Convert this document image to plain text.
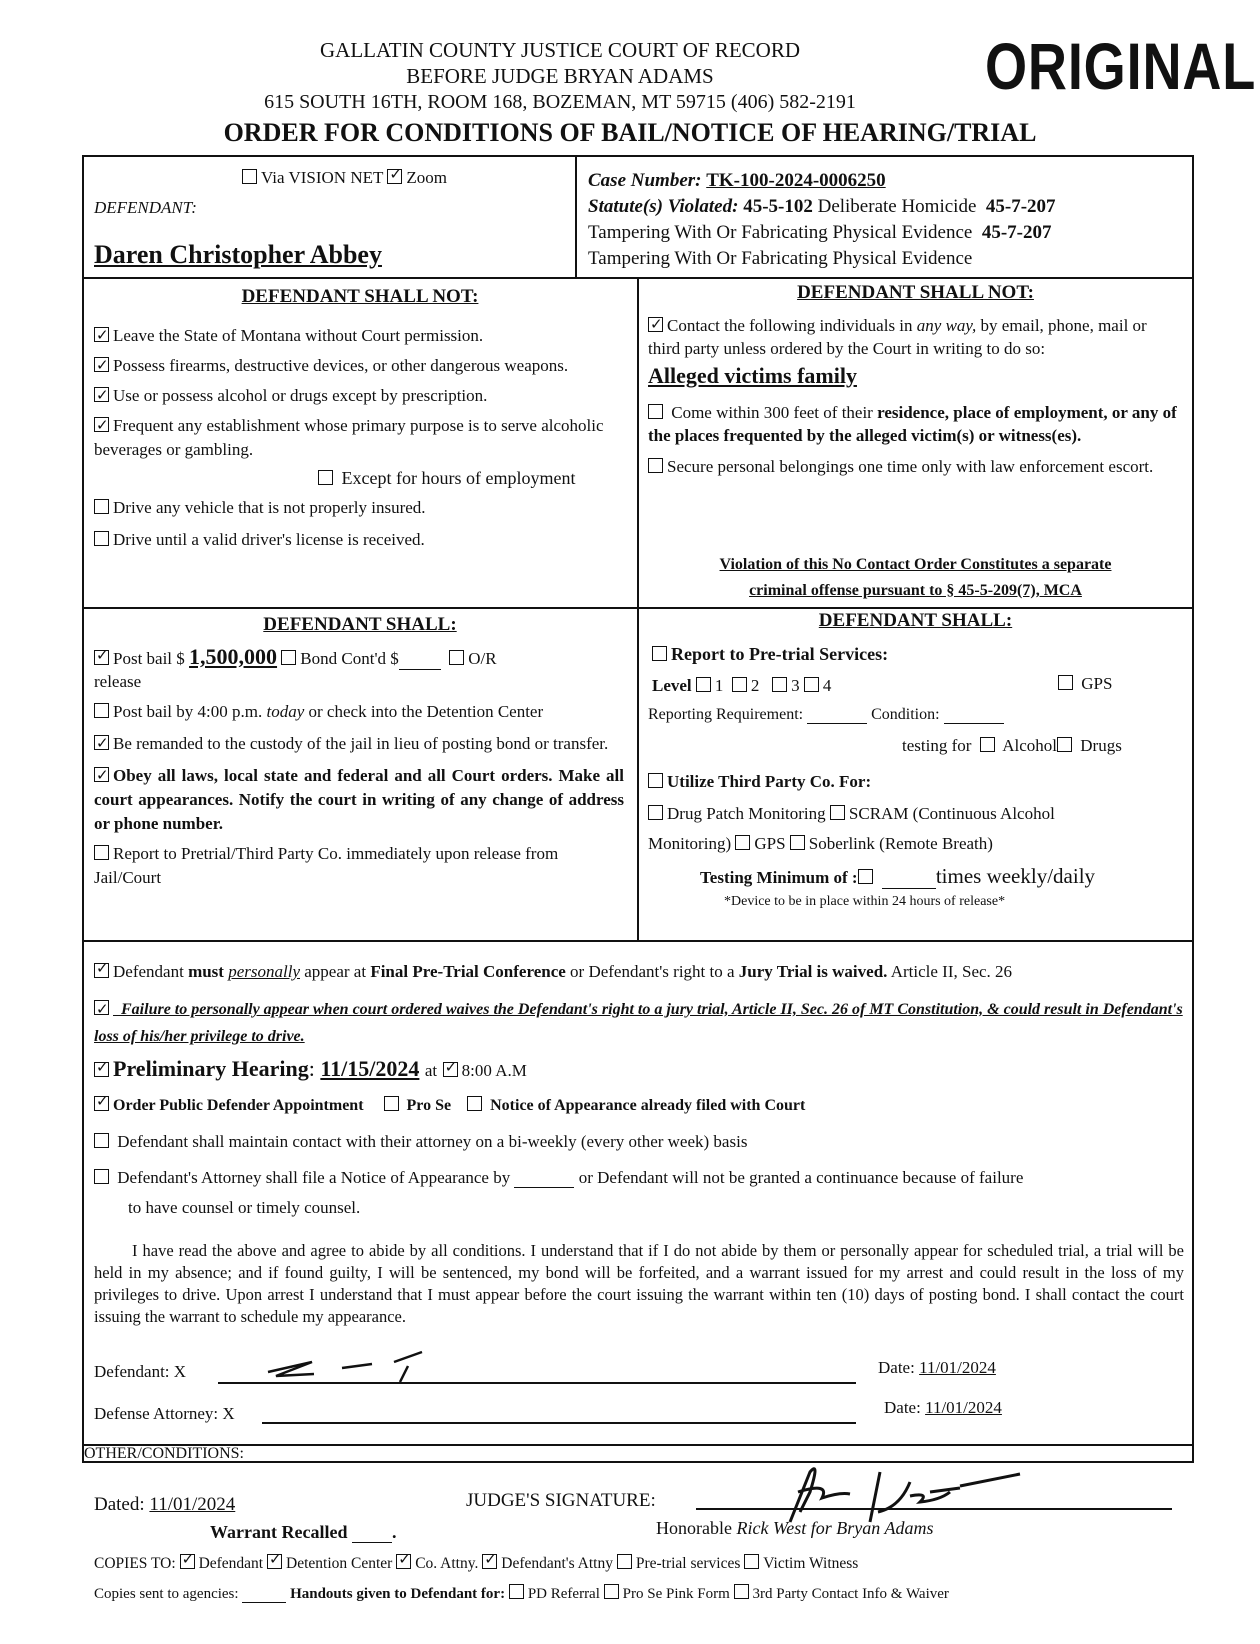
GALLATIN COUNTY JUSTICE COURT OF RECORD
BEFORE JUDGE BRYAN ADAMS
615 SOUTH 16TH, ROOM 168, BOZEMAN, MT 59715 (406) 582-2191	ORIGINAL
ORDER FOR CONDITIONS OF BAIL/NOTICE OF HEARING/TRIAL
Via VISION NET ✓ Zoom
DEFENDANT:
Daren Christopher Abbey
Case Number: TK-100-2024-0006250
Statute(s) Violated: 45-5-102 Deliberate Homicide 45-7-207
Tampering With Or Fabricating Physical Evidence 45-7-207
Tampering With Or Fabricating Physical Evidence
DEFENDANT SHALL NOT:
✓Leave the State of Montana without Court permission.
✓Possess firearms, destructive devices, or other dangerous weapons.
✓Use or possess alcohol or drugs except by prescription.
✓Frequent any establishment whose primary purpose is to serve alcoholic beverages or gambling.
Except for hours of employment
Drive any vehicle that is not properly insured.
Drive until a valid driver's license is received.
DEFENDANT SHALL NOT:
✓Contact the following individuals in any way, by email, phone, mail or third party unless ordered by the Court in writing to do so:
Alleged victims family
Come within 300 feet of their residence, place of employment, or any of the places frequented by the alleged victim(s) or witness(es).
Secure personal belongings one time only with law enforcement escort.
Violation of this No Contact Order Constitutes a separate
criminal offense pursuant to § 45-5-209(7), MCA
DEFENDANT SHALL:
✓Post bail $ 1,500,000 Bond Cont'd $	O/R
release
Post bail by 4:00 p.m. today or check into the Detention Center
✓Be remanded to the custody of the jail in lieu of posting bond or transfer.
✓Obey all laws, local state and federal and all Court orders. Make all court appearances. Notify the court in writing of any change of address or phone number.
Report to Pretrial/Third Party Co. immediately upon release from Jail/Court
DEFENDANT SHALL:
Report to Pre-trial Services:
Level 1 2 3 4	GPS
Reporting Requirement:	Condition:
testing for Alcohol Drugs
Utilize Third Party Co. For:
Drug Patch Monitoring SCRAM (Continuous Alcohol
Monitoring) GPS Soberlink (Remote Breath)
Testing Minimum of :	times weekly/daily
*Device to be in place within 24 hours of release*
✓Defendant must personally appear at Final Pre-Trial Conference or Defendant's right to a Jury Trial is waived. Article II, Sec. 26
✓  Failure to personally appear when court ordered waives the Defendant's right to a jury trial, Article II, Sec. 26 of MT Constitution, & could result in Defendant's loss of his/her privilege to drive.
✓Preliminary Hearing: 11/15/2024 at ✓ 8:00 A.M
✓Order Public Defender Appointment	Pro Se Notice of Appearance already filed with Court
Defendant shall maintain contact with their attorney on a bi-weekly (every other week) basis
Defendant's Attorney shall file a Notice of Appearance by	or Defendant will not be granted a continuance because of failure
to have counsel or timely counsel.
I have read the above and agree to abide by all conditions. I understand that if I do not abide by them or personally appear for scheduled trial, a trial will be held in my absence; and if found guilty, I will be sentenced, my bond will be forfeited, and a warrant issued for my arrest and could result in the loss of my privileges to drive. Upon arrest I understand that I must appear before the court issuing the warrant within ten (10) days of posting bond. I shall contact the court issuing the warrant to schedule my appearance.
Defendant: X	Date: 11/01/2024
Defense Attorney: X	Date: 11/01/2024
OTHER/CONDITIONS:
Dated: 11/01/2024	JUDGE'S SIGNATURE:
Warrant Recalled .	Honorable Rick West for Bryan Adams
COPIES TO: ✓ Defendant ✓ Detention Center ✓ Co. Attny. ✓ Defendant's Attny Pre-trial services Victim Witness
Copies sent to agencies:	Handouts given to Defendant for: PD Referral Pro Se Pink Form 3rd Party Contact Info & Waiver
